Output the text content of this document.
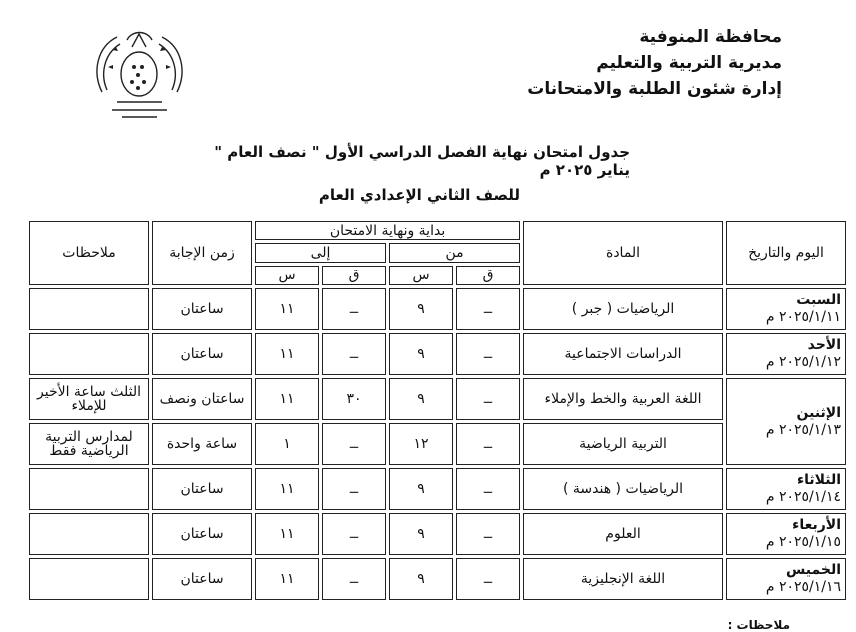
محافظة المنوفية
مديرية التربية والتعليم
إدارة شئون الطلبة والامتحانات
جدول امتحان نهاية الفصل الدراسي الأول " نصف العام " يناير ٢٠٢٥ م
للصف الثاني الإعدادي العام
اليوم والتاريخ	المادة	بداية ونهاية الامتحان				زمن الإجابة	ملاحظات
		من		إلى			
		ق	س	ق	س		

السبت
٢٠٢٥/١/١١ م	الرياضيات ( جبر )	ــ	٩	ــ	١١	ساعتان	

الأحد
٢٠٢٥/١/١٢ م	الدراسات الاجتماعية	ــ	٩	ــ	١١	ساعتان	

الإثنين
٢٠٢٥/١/١٣ م	اللغة العربية والخط والإملاء	ــ	٩	٣٠	١١	ساعتان ونصف	الثلث ساعة الأخير للإملاء
	التربية الرياضية	ــ	١٢	ــ	١	ساعة واحدة	لمدارس التربية الرياضية فقط

الثلاثاء
٢٠٢٥/١/١٤ م	الرياضيات ( هندسة )	ــ	٩	ــ	١١	ساعتان	

الأربعاء
٢٠٢٥/١/١٥ م	العلوم	ــ	٩	ــ	١١	ساعتان	

الخميس
٢٠٢٥/١/١٦ م	اللغة الإنجليزية	ــ	٩	ــ	١١	ساعتان	
ملاحظات :
